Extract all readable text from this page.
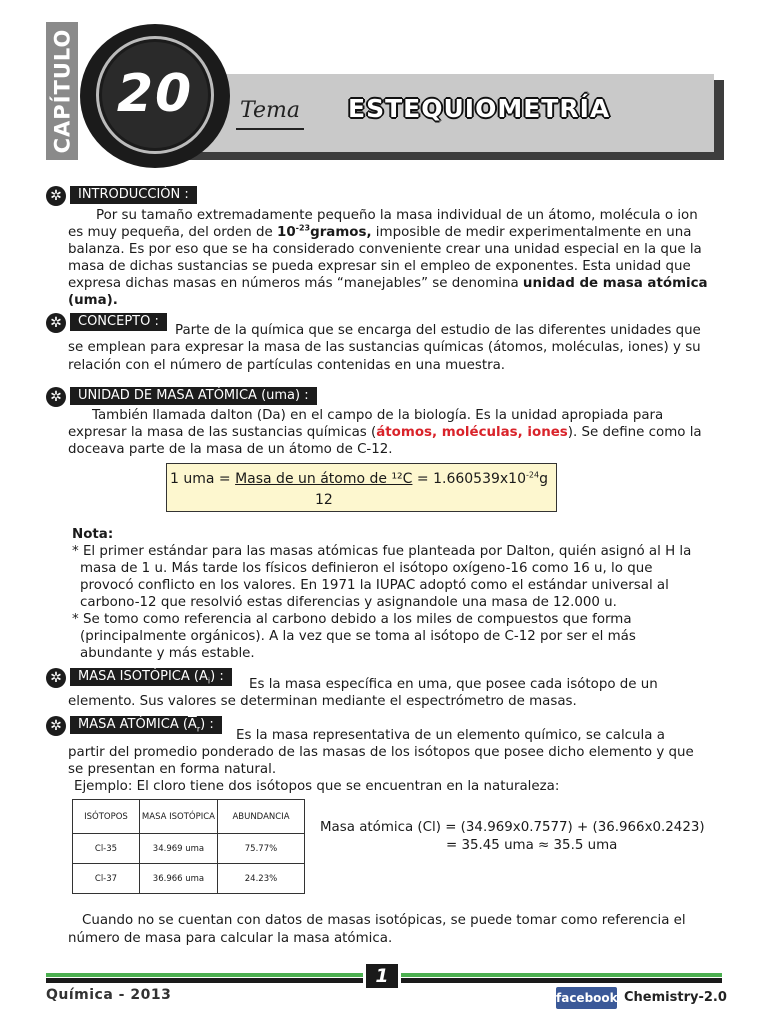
CAPÍTULO 20	Tema ESTEQUIOMETRÍA
✲	INTRODUCCIÓN :
Por su tamaño extremadamente pequeño la masa individual de un átomo, molécula o ion
es muy pequeña, del orden de $10^{-23}gramos$, imposible de medir experimentalmente en una
balanza. Es por eso que se ha considerado conveniente crear una unidad especial en la que la
masa de dichas sustancias se pueda expresar sin el empleo de exponentes. Esta unidad que
expresa dichas masas en números más “manejables” se denomina unidad de masa atómica
(uma).
✲	CONCEPTO :
Parte de la química que se encarga del estudio de las diferentes unidades que
se emplean para expresar la masa de las sustancias químicas (átomos, moléculas, iones) y su
relación con el número de partículas contenidas en una muestra.
✲	UNIDAD DE MASA ATÓMICA (uma) :
También llamada dalton (Da) en el campo de la biología. Es la unidad apropiada para
expresar la masa de las sustancias químicas (átomos, moléculas, iones). Se define como la
doceava parte de la masa de un átomo de C-12.
1 uma = Masa de un átomo de $^{12}C = 1.660539x10^{-24}g$
12
Nota:
* El primer estándar para las masas atómicas fue planteada por Dalton, quién asignó al H la
masa de 1 u. Más tarde los físicos definieron el isótopo oxígeno-16 como 16 u, lo que
provocó conflicto en los valores. En 1971 la IUPAC adoptó como el estándar universal al
carbono-12 que resolvió estas diferencias y asignandole una masa de 12.000 u.
* Se tomo como referencia al carbono debido a los miles de compuestos que forma
(principalmente orgánicos). A la vez que se toma al isótopo de C-12 por ser el más
abundante y más estable.
✲	MASA ISOTÓPICA $(A_i)$ :
Es la masa específica en uma, que posee cada isótopo de un
elemento. Sus valores se determinan mediante el espectrómetro de masas.
✲	MASA ATÓMICA $(\overline{A}_r)$ :
Es la masa representativa de un elemento químico, se calcula a
partir del promedio ponderado de las masas de los isótopos que posee dicho elemento y que
se presentan en forma natural.
Ejemplo: El cloro tiene dos isótopos que se encuentran en la naturaleza:
ISÓTOPOS	MASA ISOTÓPICA	ABUNDANCIA
Cl-35	34.969 uma	75.77%
Cl-37	36.966 uma	24.23%
Masa atómica (Cl) = (34.969x0.7577) + (36.966x0.2423)
= 35.45 uma ≈ 35.5 uma
Cuando no se cuentan con datos de masas isotópicas, se puede tomar como referencia el
número de masa para calcular la masa atómica.
1
Química - 2013	facebook Chemistry-2.0
